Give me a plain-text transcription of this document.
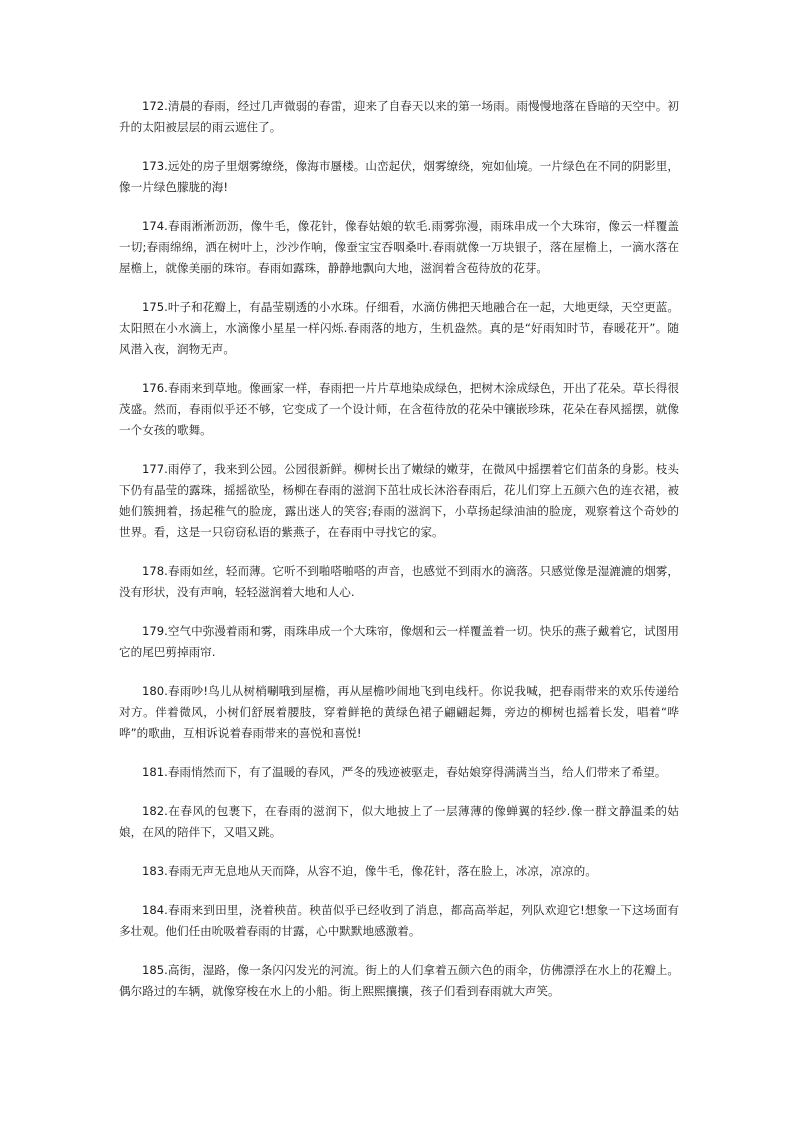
172.清晨的春雨，经过几声微弱的春雷，迎来了自春天以来的第一场雨。雨慢慢地落在昏暗的天空中。初升的太阳被层层的雨云遮住了。

173.远处的房子里烟雾缭绕，像海市蜃楼。山峦起伏，烟雾缭绕，宛如仙境。一片绿色在不同的阴影里，像一片绿色朦胧的海!

174.春雨淅淅沥沥，像牛毛，像花针，像春姑娘的软毛.雨雾弥漫，雨珠串成一个大珠帘，像云一样覆盖一切;春雨绵绵，洒在树叶上，沙沙作响，像蚕宝宝吞咽桑叶.春雨就像一万块银子，落在屋檐上，一滴水落在屋檐上，就像美丽的珠帘。春雨如露珠，静静地飘向大地，滋润着含苞待放的花芽。

175.叶子和花瓣上，有晶莹剔透的小水珠。仔细看，水滴仿佛把天地融合在一起，大地更绿，天空更蓝。太阳照在小水滴上，水滴像小星星一样闪烁.春雨落的地方，生机盎然。真的是“好雨知时节，春暖花开”。随风潜入夜，润物无声。

176.春雨来到草地。像画家一样，春雨把一片片草地染成绿色，把树木涂成绿色，开出了花朵。草长得很茂盛。然而，春雨似乎还不够，它变成了一个设计师，在含苞待放的花朵中镶嵌珍珠，花朵在春风摇摆，就像一个女孩的歌舞。

177.雨停了，我来到公园。公园很新鲜。柳树长出了嫩绿的嫩芽，在微风中摇摆着它们苗条的身影。枝头下仍有晶莹的露珠，摇摇欲坠，杨柳在春雨的滋润下茁壮成长沐浴春雨后，花儿们穿上五颜六色的连衣裙，被她们簇拥着，扬起稚气的脸庞，露出迷人的笑容;春雨的滋润下，小草扬起绿油油的脸庞，观察着这个奇妙的世界。看，这是一只窃窃私语的紫燕子，在春雨中寻找它的家。

178.春雨如丝，轻而薄。它听不到啪嗒啪嗒的声音，也感觉不到雨水的滴落。只感觉像是湿漉漉的烟雾，没有形状，没有声响，轻轻滋润着大地和人心.

179.空气中弥漫着雨和雾，雨珠串成一个大珠帘，像烟和云一样覆盖着一切。快乐的燕子戴着它，试图用它的尾巴剪掉雨帘.

180.春雨吵!鸟儿从树梢唰哦到屋檐，再从屋檐吵闹地飞到电线杆。你说我喊，把春雨带来的欢乐传递给对方。伴着微风，小树们舒展着腰肢，穿着鲜艳的黄绿色裙子翩翩起舞，旁边的柳树也摇着长发，唱着“哗哗”的歌曲，互相诉说着春雨带来的喜悦和喜悦!

181.春雨悄然而下，有了温暖的春风，严冬的残迹被驱走，春姑娘穿得满满当当，给人们带来了希望。

182.在春风的包裹下，在春雨的滋润下，似大地披上了一层薄薄的像蝉翼的轻纱.像一群文静温柔的姑娘，在风的陪伴下，又唱又跳。

183.春雨无声无息地从天而降，从容不迫，像牛毛，像花针，落在脸上，冰凉，凉凉的。

184.春雨来到田里，浇着秧苗。秧苗似乎已经收到了消息，都高高举起，列队欢迎它!想象一下这场面有多壮观。他们任由吮吸着春雨的甘露，心中默默地感激着。

185.高街，湿路，像一条闪闪发光的河流。街上的人们拿着五颜六色的雨伞，仿佛漂浮在水上的花瓣上。偶尔路过的车辆，就像穿梭在水上的小船。街上熙熙攘攘，孩子们看到春雨就大声笑。
